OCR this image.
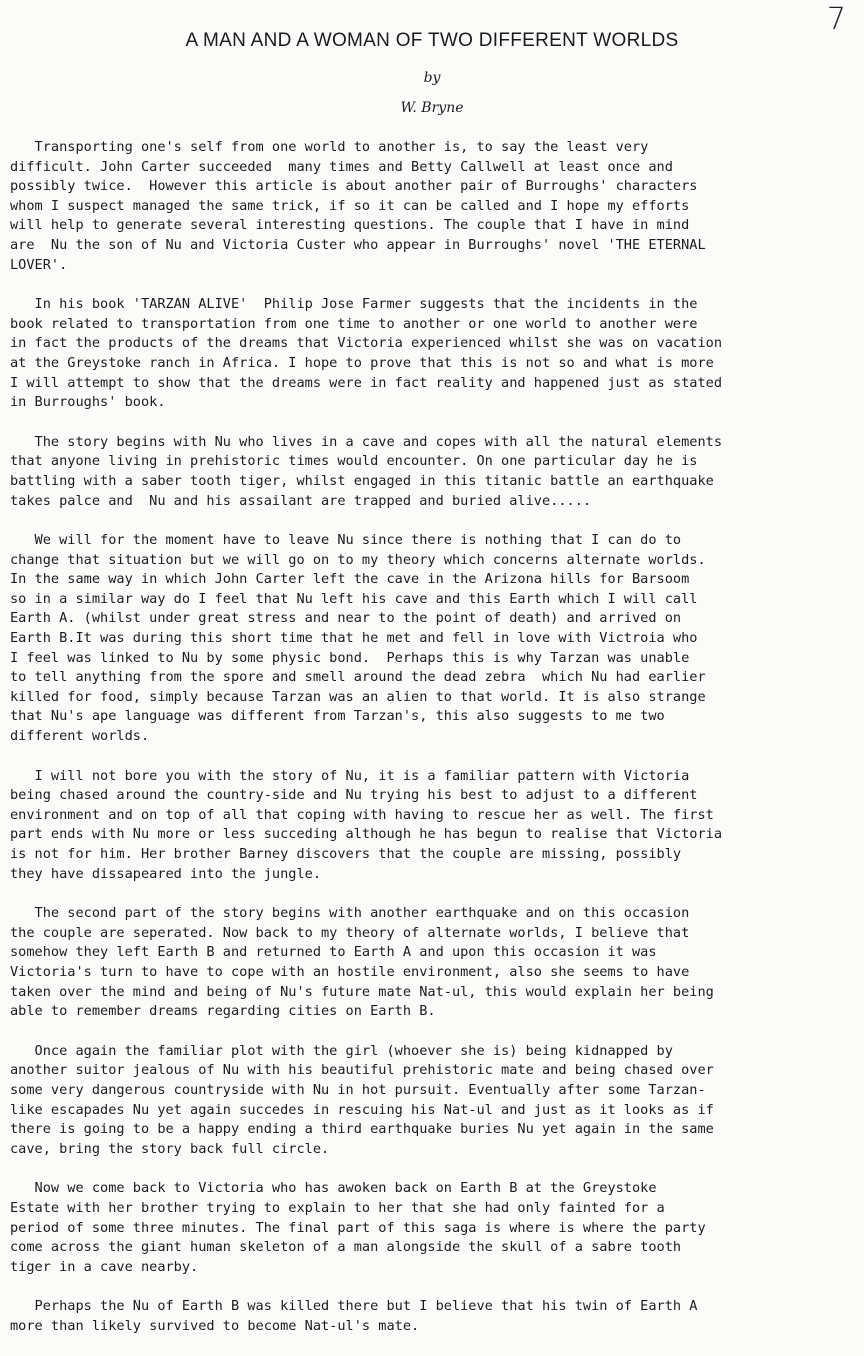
7
A MAN AND A WOMAN OF TWO DIFFERENT WORLDS
by
W. Bryne

Transporting one's self from one world to another is, to say the least very
difficult. John Carter succeeded  many times and Betty Callwell at least once and
possibly twice.  However this article is about another pair of Burroughs' characters
whom I suspect managed the same trick, if so it can be called and I hope my efforts
will help to generate several interesting questions. The couple that I have in mind
are  Nu the son of Nu and Victoria Custer who appear in Burroughs' novel 'THE ETERNAL
LOVER'.

In his book 'TARZAN ALIVE'  Philip Jose Farmer suggests that the incidents in the
book related to transportation from one time to another or one world to another were
in fact the products of the dreams that Victoria experienced whilst she was on vacation
at the Greystoke ranch in Africa. I hope to prove that this is not so and what is more
I will attempt to show that the dreams were in fact reality and happened just as stated
in Burroughs' book.

The story begins with Nu who lives in a cave and copes with all the natural elements
that anyone living in prehistoric times would encounter. On one particular day he is
battling with a saber tooth tiger, whilst engaged in this titanic battle an earthquake
takes palce and  Nu and his assailant are trapped and buried alive.....

We will for the moment have to leave Nu since there is nothing that I can do to
change that situation but we will go on to my theory which concerns alternate worlds.
In the same way in which John Carter left the cave in the Arizona hills for Barsoom
so in a similar way do I feel that Nu left his cave and this Earth which I will call
Earth A. (whilst under great stress and near to the point of death) and arrived on
Earth B.It was during this short time that he met and fell in love with Victroia who
I feel was linked to Nu by some physic bond.  Perhaps this is why Tarzan was unable
to tell anything from the spore and smell around the dead zebra  which Nu had earlier
killed for food, simply because Tarzan was an alien to that world. It is also strange
that Nu's ape language was different from Tarzan's, this also suggests to me two
different worlds.

I will not bore you with the story of Nu, it is a familiar pattern with Victoria
being chased around the country-side and Nu trying his best to adjust to a different
environment and on top of all that coping with having to rescue her as well. The first
part ends with Nu more or less succeding although he has begun to realise that Victoria
is not for him. Her brother Barney discovers that the couple are missing, possibly
they have dissapeared into the jungle.

The second part of the story begins with another earthquake and on this occasion
the couple are seperated. Now back to my theory of alternate worlds, I believe that
somehow they left Earth B and returned to Earth A and upon this occasion it was
Victoria's turn to have to cope with an hostile environment, also she seems to have
taken over the mind and being of Nu's future mate Nat-ul, this would explain her being
able to remember dreams regarding cities on Earth B.

Once again the familiar plot with the girl (whoever she is) being kidnapped by
another suitor jealous of Nu with his beautiful prehistoric mate and being chased over
some very dangerous countryside with Nu in hot pursuit. Eventually after some Tarzan-
like escapades Nu yet again succedes in rescuing his Nat-ul and just as it looks as if
there is going to be a happy ending a third earthquake buries Nu yet again in the same
cave, bring the story back full circle.

Now we come back to Victoria who has awoken back on Earth B at the Greystoke
Estate with her brother trying to explain to her that she had only fainted for a
period of some three minutes. The final part of this saga is where is where the party
come across the giant human skeleton of a man alongside the skull of a sabre tooth
tiger in a cave nearby.

Perhaps the Nu of Earth B was killed there but I believe that his twin of Earth A
more than likely survived to become Nat-ul's mate.
